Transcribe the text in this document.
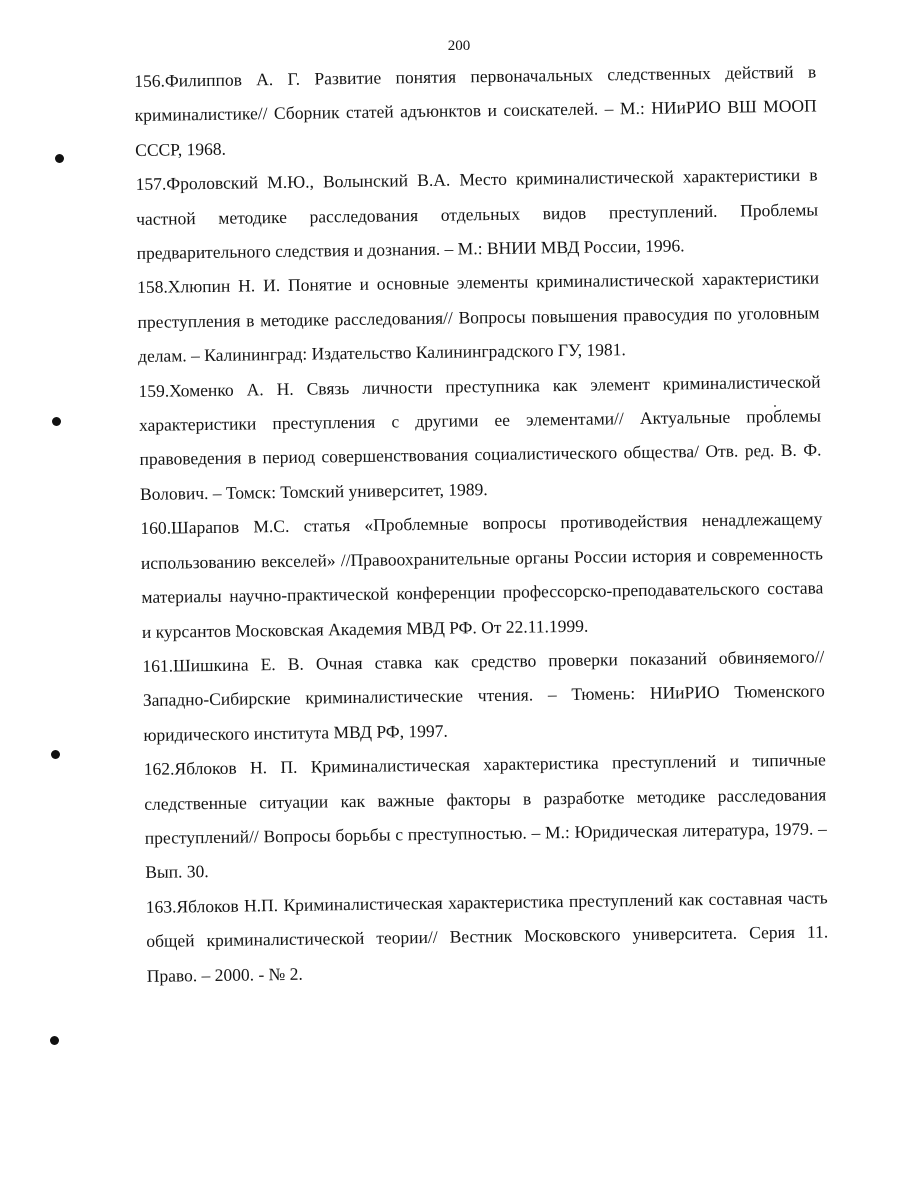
200
156.Филиппов А. Г. Развитие понятия первоначальных следственных действий в криминалистике// Сборник статей адъюнктов и соискателей. – М.: НИиРИО ВШ МООП СССР, 1968.
157.Фроловский М.Ю., Волынский В.А. Место криминалистической характеристики в частной методике расследования отдельных видов преступлений. Проблемы предварительного следствия и дознания. – М.: ВНИИ МВД России, 1996.
158.Хлюпин Н. И. Понятие и основные элементы криминалистической характеристики преступления в методике расследования// Вопросы повышения правосудия по уголовным делам. – Калининград: Издательство Калининградского ГУ, 1981.
159.Хоменко А. Н. Связь личности преступника как элемент криминалистической характеристики преступления с другими ее элементами// Актуальные проблемы правоведения в период совершенствования социалистического общества/ Отв. ред. В. Ф. Волович. – Томск: Томский университет, 1989.
160.Шарапов М.С. статья «Проблемные вопросы противодействия ненадлежащему использованию векселей» //Правоохранительные органы России история и современность материалы научно-практической конференции профессорско-преподавательского состава и курсантов Московская Академия МВД РФ. От 22.11.1999.
161.Шишкина Е. В. Очная ставка как средство проверки показаний обвиняемого// Западно-Сибирские криминалистические чтения. – Тюмень: НИиРИО Тюменского юридического института МВД РФ, 1997.
162.Яблоков Н. П. Криминалистическая характеристика преступлений и типичные следственные ситуации как важные факторы в разработке методике расследования преступлений// Вопросы борьбы с преступностью. – М.: Юридическая литература, 1979. – Вып. 30.
163.Яблоков Н.П. Криминалистическая характеристика преступлений как составная часть общей криминалистической теории// Вестник Московского университета. Серия 11. Право. – 2000. - № 2.
